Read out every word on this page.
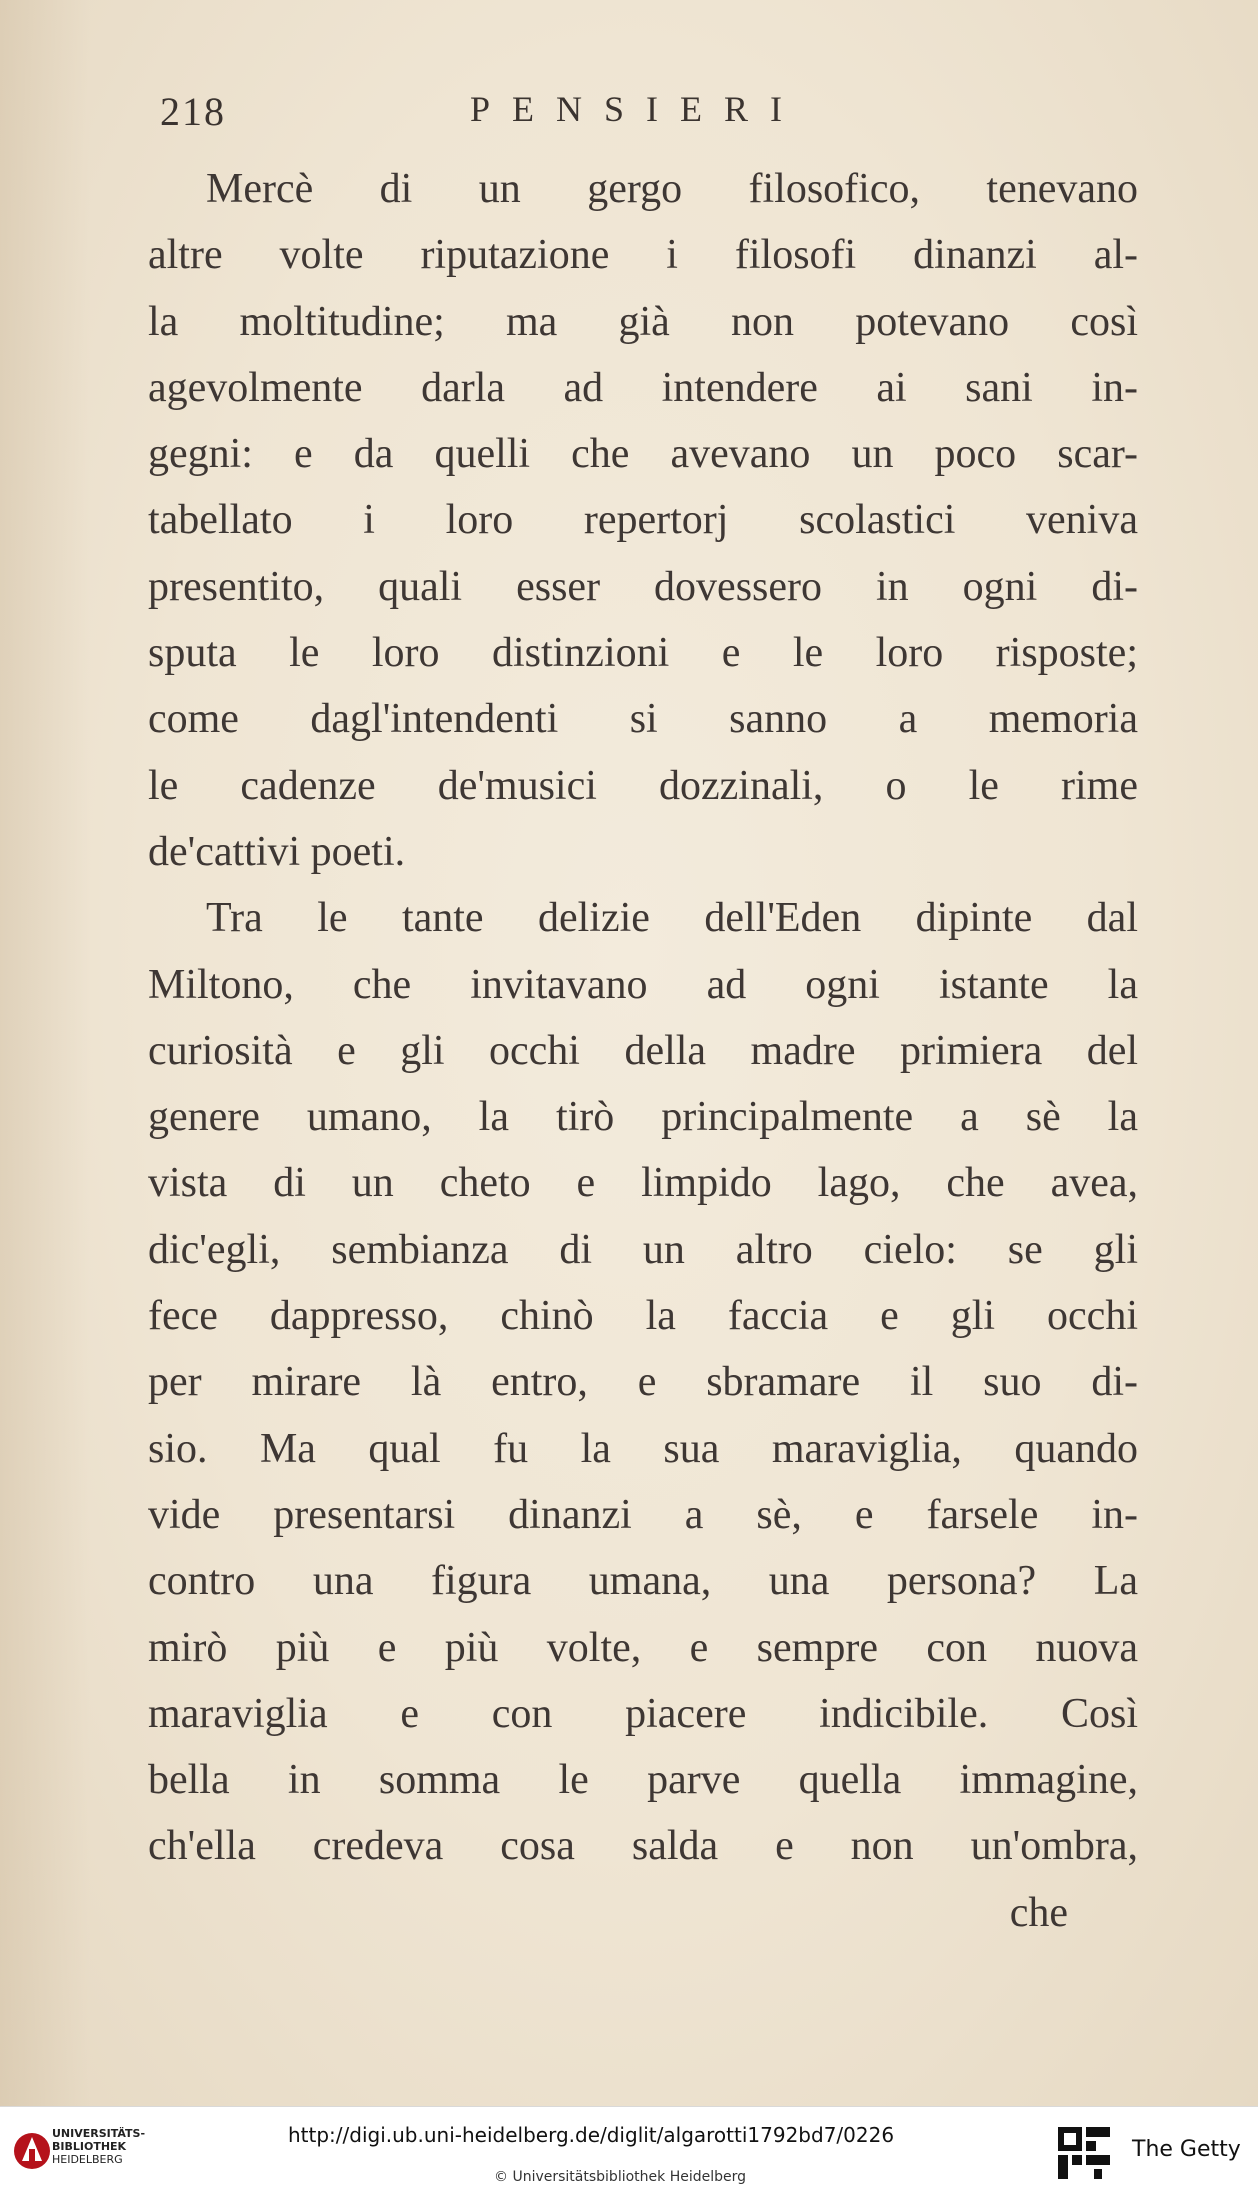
218	PENSIERI
Mercè di un gergo filosofico, tenevano
altre volte riputazione i filosofi dinanzi al-
la moltitudine; ma già non potevano così
agevolmente darla ad intendere ai sani in-
gegni: e da quelli che avevano un poco scar-
tabellato i loro repertorj scolastici veniva
presentito, quali esser dovessero in ogni di-
sputa le loro distinzioni e le loro risposte;
come dagl'intendenti si sanno a memoria
le cadenze de'musici dozzinali, o le rime
de'cattivi poeti.
Tra le tante delizie dell'Eden dipinte dal
Miltono, che invitavano ad ogni istante la
curiosità e gli occhi della madre primiera del
genere umano, la tirò principalmente a sè la
vista di un cheto e limpido lago, che avea,
dic'egli, sembianza di un altro cielo: se gli
fece dappresso, chinò la faccia e gli occhi
per mirare là entro, e sbramare il suo di-
sio. Ma qual fu la sua maraviglia, quando
vide presentarsi dinanzi a sè, e farsele in-
contro una figura umana, una persona? La
mirò più e più volte, e sempre con nuova
maraviglia e con piacere indicibile. Così
bella in somma le parve quella immagine,
ch'ella credeva cosa salda e non un'ombra,
che
UNIVERSITÄTS-
BIBLIOTHEK
HEIDELBERG
http://digi.ub.uni-heidelberg.de/diglit/algarotti1792bd7/0226
© Universitätsbibliothek Heidelberg
The Getty
